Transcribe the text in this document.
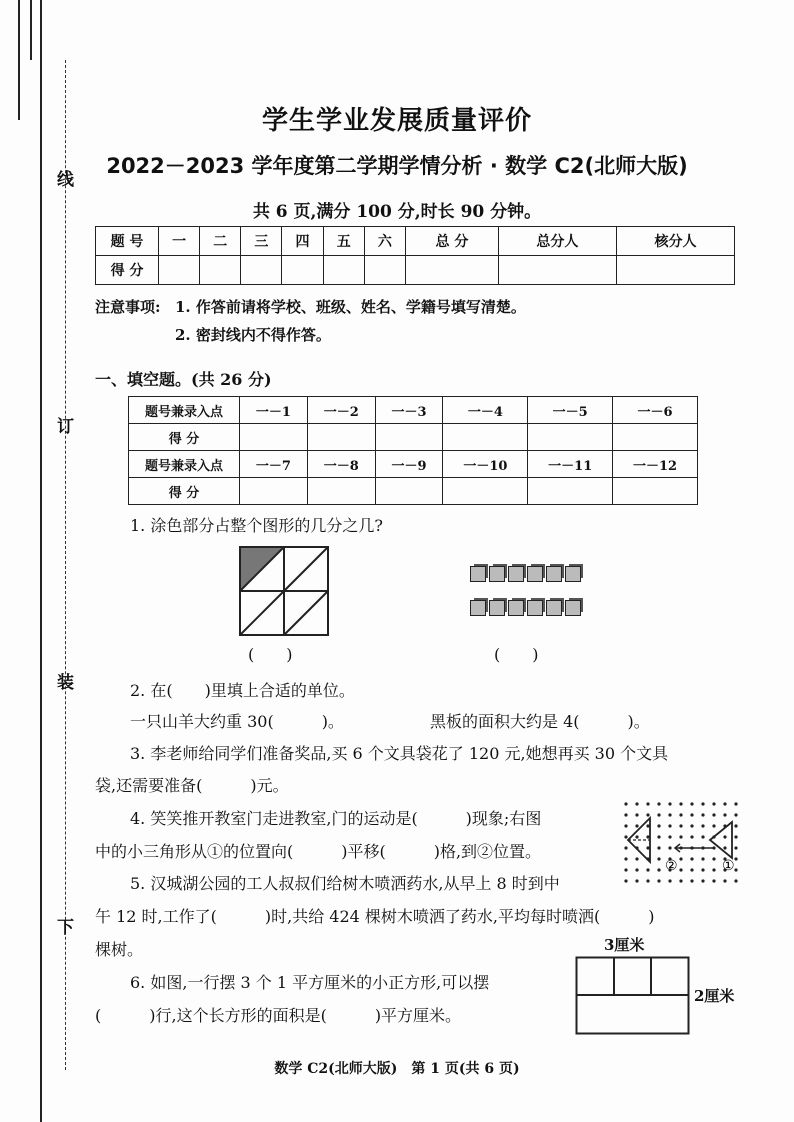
线
订
装
下
学生学业发展质量评价
2022－2023 学年度第二学期学情分析 · 数学 C2(北师大版)
共 6 页,满分 100 分,时长 90 分钟。
题 号	一	二	三	四	五	六	总 分	总分人	核分人
得 分									
注意事项: 1. 作答前请将学校、班级、姓名、学籍号填写清楚。
2. 密封线内不得作答。
一、填空题。(共 26 分)
题号兼录入点	一－1	一－2	一－3	一－4	一－5	一－6
得 分						
题号兼录入点	一－7	一－8	一－9	一－10	一－11	一－12
得 分						
1. 涂色部分占整个图形的几分之几?
(　　)	(　　)
2. 在(　　)里填上合适的单位。
一只山羊大约重 30(　　　)。	黑板的面积大约是 4(　　　)。
3. 李老师给同学们准备奖品,买 6 个文具袋花了 120 元,她想再买 30 个文具
袋,还需要准备(　　　)元。
4. 笑笑推开教室门走进教室,门的运动是(　　　)现象;右图
中的小三角形从①的位置向(　　　)平移(　　　)格,到②位置。
②	①
5. 汉城湖公园的工人叔叔们给树木喷洒药水,从早上 8 时到中
午 12 时,工作了(　　　)时,共给 424 棵树木喷洒了药水,平均每时喷洒(　　　)
棵树。
6. 如图,一行摆 3 个 1 平方厘米的小正方形,可以摆
(　　　)行,这个长方形的面积是(　　　)平方厘米。
3厘米
2厘米
数学 C2(北师大版)　第 1 页(共 6 页)
